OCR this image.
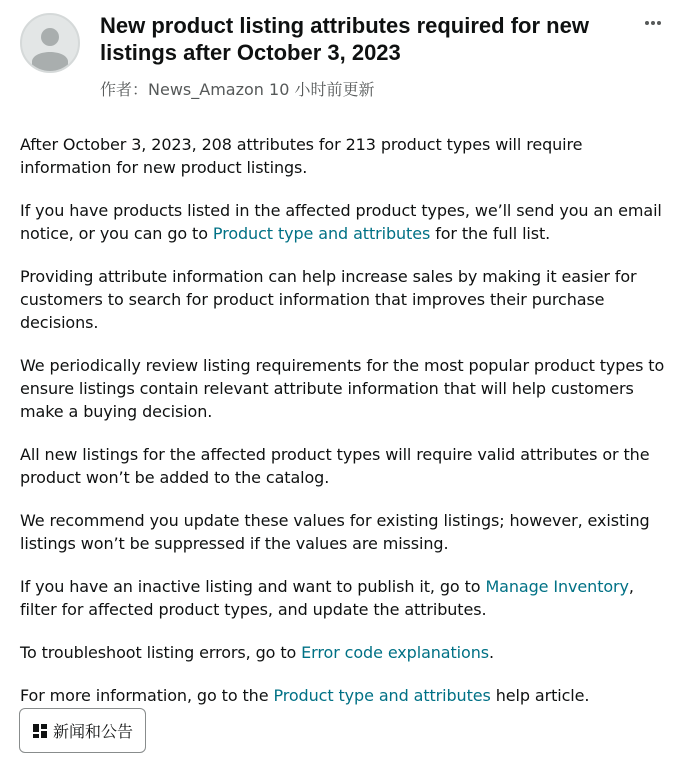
New product listing attributes required for new listings after October 3, 2023
作者：News_Amazon 10 小时前更新

After October 3, 2023, 208 attributes for 213 product types will require information for new product listings.

If you have products listed in the affected product types, we’ll send you an email notice, or you can go to Product type and attributes for the full list.

Providing attribute information can help increase sales by making it easier for customers to search for product information that improves their purchase decisions.

We periodically review listing requirements for the most popular product types to ensure listings contain relevant attribute information that will help customers make a buying decision.

All new listings for the affected product types will require valid attributes or the product won’t be added to the catalog.

We recommend you update these values for existing listings; however, existing listings won’t be suppressed if the values are missing.

If you have an inactive listing and want to publish it, go to Manage Inventory, filter for affected product types, and update the attributes.

To troubleshoot listing errors, go to Error code explanations.

For more information, go to the Product type and attributes help article.

新闻和公告
